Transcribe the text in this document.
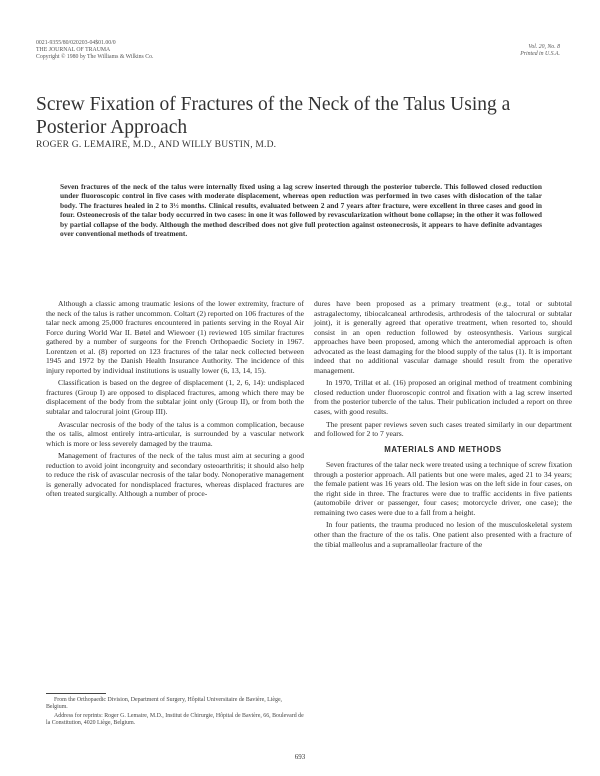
0021-9355/80/020203-04$01.00/0
THE JOURNAL OF TRAUMA
Copyright © 1980 by The Williams & Wilkins Co.
Vol. 20, No. 8
Printed in U.S.A.
Screw Fixation of Fractures of the Neck of the Talus Using a Posterior Approach
ROGER G. LEMAIRE, M.D., AND WILLY BUSTIN, M.D.
Seven fractures of the neck of the talus were internally fixed using a lag screw inserted through the posterior tubercle. This followed closed reduction under fluoroscopic control in five cases with moderate displacement, whereas open reduction was performed in two cases with dislocation of the talar body. The fractures healed in 2 to 3½ months. Clinical results, evaluated between 2 and 7 years after fracture, were excellent in three cases and good in four. Osteonecrosis of the talar body occurred in two cases: in one it was followed by revascularization without bone collapse; in the other it was followed by partial collapse of the body. Although the method described does not give full protection against osteonecrosis, it appears to have definite advantages over conventional methods of treatment.

Although a classic among traumatic lesions of the lower extremity, fracture of the neck of the talus is rather uncommon. Coltart (2) reported on 106 fractures of the talar neck among 25,000 fractures encountered in patients serving in the Royal Air Force during World War II. Bøtel and Wiewoer (1) reviewed 105 similar fractures gathered by a number of surgeons for the French Orthopaedic Society in 1967. Lorentzen et al. (8) reported on 123 fractures of the talar neck collected between 1945 and 1972 by the Danish Health Insurance Authority. The incidence of this injury reported by individual institutions is usually lower (6, 13, 14, 15).

Classification is based on the degree of displacement (1, 2, 6, 14): undisplaced fractures (Group I) are opposed to displaced fractures, among which there may be displacement of the body from the subtalar joint only (Group II), or from both the subtalar and talocrural joint (Group III).

Avascular necrosis of the body of the talus is a common complication, because the os talis, almost entirely intra-articular, is surrounded by a vascular network which is more or less severely damaged by the trauma.

Management of fractures of the neck of the talus must aim at securing a good reduction to avoid joint incongruity and secondary osteoarthritis; it should also help to reduce the risk of avascular necrosis of the talar body. Nonoperative management is generally advocated for nondisplaced fractures, whereas displaced fractures are often treated surgically. Although a number of proce-

dures have been proposed as a primary treatment (e.g., total or subtotal astragalectomy, tibiocalcaneal arthrodesis, arthrodesis of the talocrural or subtalar joint), it is generally agreed that operative treatment, when resorted to, should consist in an open reduction followed by osteosynthesis. Various surgical approaches have been proposed, among which the anteromedial approach is often advocated as the least damaging for the blood supply of the talus (1). It is important indeed that no additional vascular damage should result from the operative management.

In 1970, Trillat et al. (16) proposed an original method of treatment combining closed reduction under fluoroscopic control and fixation with a lag screw inserted from the posterior tubercle of the talus. Their publication included a report on three cases, with good results.

The present paper reviews seven such cases treated similarly in our department and followed for 2 to 7 years.

MATERIALS AND METHODS

Seven fractures of the talar neck were treated using a technique of screw fixation through a posterior approach. All patients but one were males, aged 21 to 34 years; the female patient was 16 years old. The lesion was on the left side in four cases, on the right side in three. The fractures were due to traffic accidents in five patients (automobile driver or passenger, four cases; motorcycle driver, one case); the remaining two cases were due to a fall from a height.

In four patients, the trauma produced no lesion of the musculoskeletal system other than the fracture of the os talis. One patient also presented with a fracture of the tibial malleolus and a supramalleolar fracture of the

From the Orthopaedic Division, Department of Surgery, Hôpital Universitaire de Bavière, Liège, Belgium.

Address for reprints: Roger G. Lemaire, M.D., Institut de Chirurgie, Hôpital de Bavière, 66, Boulevard de la Constitution, 4020 Liège, Belgium.

693
